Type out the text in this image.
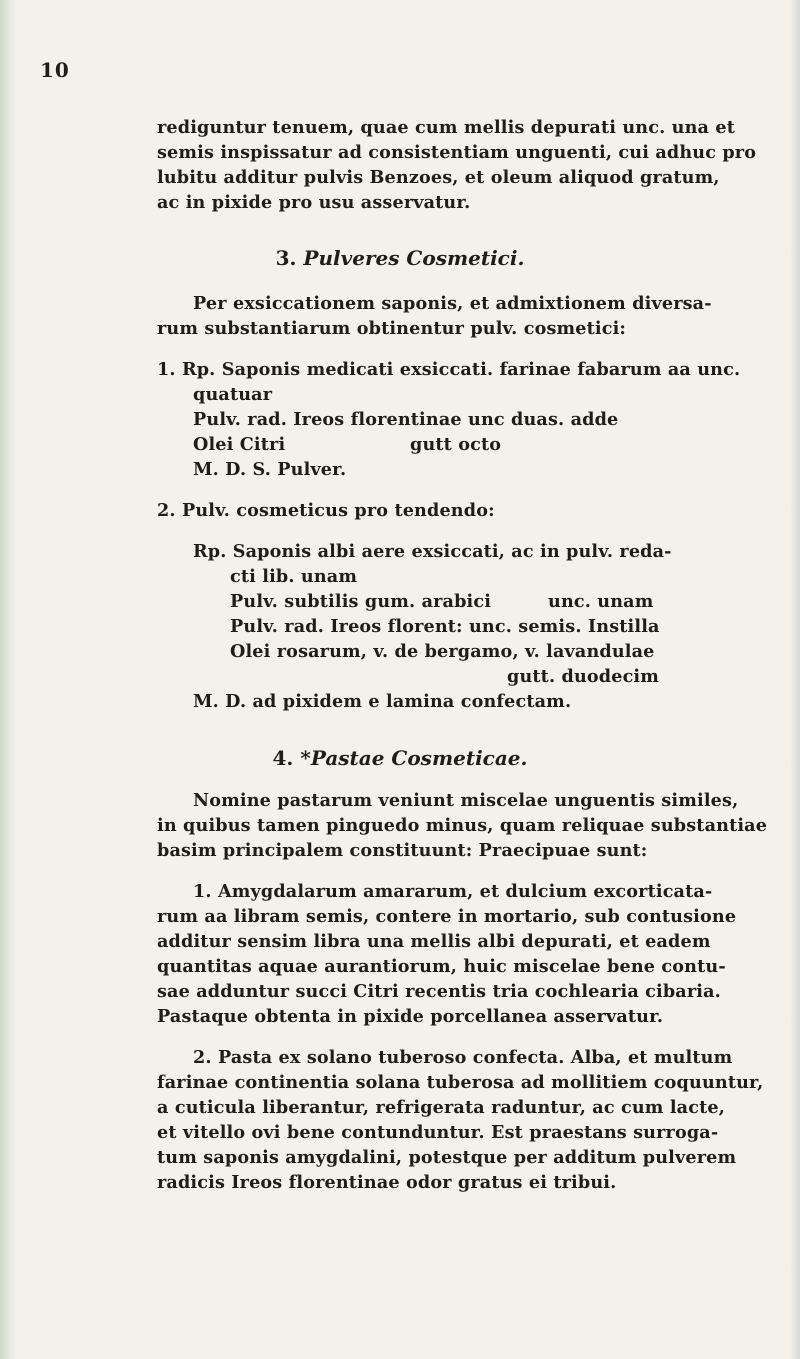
10
rediguntur tenuem, quae cum mellis depurati unc. una et
semis inspissatur ad consistentiam unguenti, cui adhuc pro
lubitu additur pulvis Benzoes, et oleum aliquod gratum,
ac in pixide pro usu asservatur.
3. Pulveres Cosmetici.
Per exsiccationem saponis, et admixtionem diversa-
rum substantiarum obtinentur pulv. cosmetici:
1. Rp. Saponis medicati exsiccati. farinae fabarum aa unc.
quatuar
Pulv. rad. Ireos florentinae unc duas. adde
Olei Citri	gutt octo
M. D. S. Pulver.
2. Pulv. cosmeticus pro tendendo:
Rp. Saponis albi aere exsiccati, ac in pulv. reda-
cti lib. unam
Pulv. subtilis gum. arabici	unc. unam
Pulv. rad. Ireos florent: unc. semis. Instilla
Olei rosarum, v. de bergamo, v. lavandulae
gutt. duodecim
M. D. ad pixidem e lamina confectam.
4. *Pastae Cosmeticae.
Nomine pastarum veniunt miscelae unguentis similes,
in quibus tamen pinguedo minus, quam reliquae substantiae
basim principalem constituunt: Praecipuae sunt:
1. Amygdalarum amararum, et dulcium excorticata-
rum aa libram semis, contere in mortario, sub contusione
additur sensim libra una mellis albi depurati, et eadem
quantitas aquae aurantiorum, huic miscelae bene contu-
sae adduntur succi Citri recentis tria cochlearia cibaria.
Pastaque obtenta in pixide porcellanea asservatur.
2. Pasta ex solano tuberoso confecta. Alba, et multum
farinae continentia solana tuberosa ad mollitiem coquuntur,
a cuticula liberantur, refrigerata raduntur, ac cum lacte,
et vitello ovi bene contunduntur. Est praestans surroga-
tum saponis amygdalini, potestque per additum pulverem
radicis Ireos florentinae odor gratus ei tribui.
